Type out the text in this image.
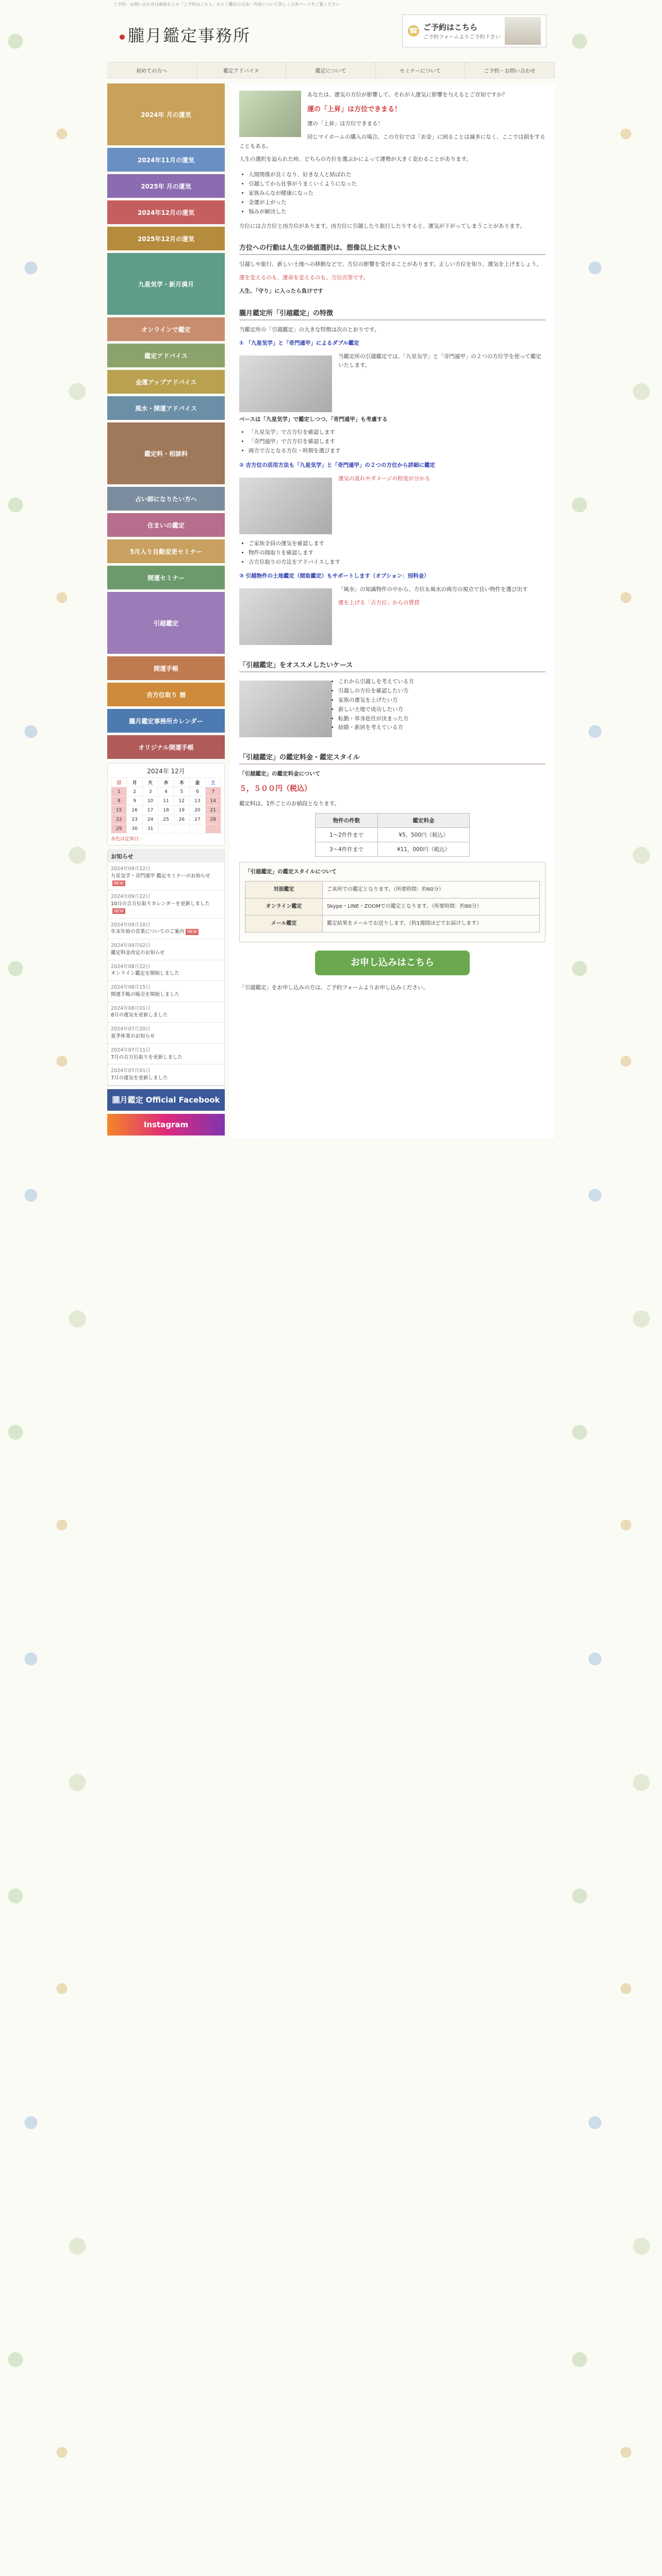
ご予約・お問い合わせは画面右上の「ご予約はこちら」から / 鑑定の方法・内容について詳しくは各ページをご覧ください
朧月鑑定事務所	☎ ご予約はこちら
ご予約フォームよりご予約下さい
初めての方へ	鑑定アドバイス	鑑定について	セミナーについて	ご予約・お問い合わせ
2024年 月の運気
2024年11月の運気
2025年 月の運気
2024年12月の運気
2025年12月の運気
九星気学・新月満月
オンラインで鑑定
鑑定アドバイス
金運アップアドバイス
風水・開運アドバイス
鑑定料・相談料
占い師になりたい方へ
住まいの鑑定
5月入り自動変更セミナー
開運セミナー
引越鑑定
開運手帳
吉方位取り 暦
朧月鑑定事務所カレンダー
オリジナル開運手帳
2024年 12月
日	月	火	水	木	金	土
1	2	3	4	5	6	7
8	9	10	11	12	13	14
15	16	17	18	19	20	21
22	23	24	25	26	27	28
29	30	31				
赤色は定休日
お知らせ
2024年09月22日
九星気学・奇門遁甲 鑑定セミナーのお知らせNEW
2024年09月22日
10月の吉方位取りカレンダーを更新しましたNEW
2024年09月10日
年末年始の営業についてのご案内 NEW
2024年09月02日
鑑定料金改定のお知らせ
2024年08月22日
オンライン鑑定を開始しました
2024年08月15日
開運手帳の販売を開始しました
2024年08月01日
8月の運気を更新しました
2024年07月20日
夏季休業のお知らせ
2024年07月11日
7月の吉方位取りを更新しました
2024年07月01日
7月の運気を更新しました
朧月鑑定 Official Facebook
Instagram

あなたは、運気の方位が影響して、それが人運気に影響を与えるとご存知ですか？

運の「上昇」は方位できまる！

運の「上昇」は方位できまる！

同じマイホームの購入の場合、この方位では「お金」に困ることは滅多になく、ここでは損をすることもある。

人生の選択を迫られた時、どちらの方位を選ぶかによって運勢が大きく変わることがあります。

• 人間関係が良くなり、好きな人と結ばれた
• 引越してから仕事がうまくいくようになった
• 家族みんなが健康になった
• 金運が上がった
• 悩みが解決した

方位には吉方位と凶方位があります。凶方位に引越したり旅行したりすると、運気が下がってしまうことがあります。

方位への行動は人生の価値選択は、想像以上に大きい

引越しや旅行、新しい土地への移動などで、方位の影響を受けることがあります。正しい方位を知り、運気を上げましょう。

運を変えるのも、運命を変えるのも、方位次第です。

人生、「守り」に入ったら負けです

朧月鑑定所「引越鑑定」の特徴

当鑑定所の「引越鑑定」の大きな特徴は次のとおりです。

① 「九星気学」と「奇門遁甲」によるダブル鑑定

当鑑定所の引越鑑定では、「九星気学」と「奇門遁甲」の２つの方位学を使って鑑定いたします。

ベースは「九星気学」で鑑定しつつ、「奇門遁甲」も考慮する

• 「九星気学」で吉方位を確認します
• 「奇門遁甲」で吉方位を確認します
• 両方で吉となる方位・時期を選びます

② 吉方位の活用方法も「九星気学」と「奇門遁甲」の２つの方位から詳細に鑑定

運気の流れやダメージの程度が分かる

• ご家族全員の運気を確認します
• 物件の間取りを確認します
• 吉方位取りの方法をアドバイスします

③ 引越物件の土地鑑定（間取鑑定）もサポートします（オプション：別料金）

「風水」の知識物件の中から、方位＆風水の両方の視点で良い物件を選び出す

運を上げる「吉方位」からの賃貸

「引越鑑定」をオススメしたいケース
• これから引越しを考えている方
• 引越しの方位を確認したい方
• 家族の運気を上げたい方
• 新しい土地で成功したい方
• 転勤・単身赴任が決まった方
• 結婚・新居を考えている方
「引越鑑定」の鑑定料金・鑑定スタイル

「引越鑑定」の鑑定料金について

５，５００円（税込）

鑑定料は、1件ごとのお値段となります。

物件の件数	鑑定料金
1〜2件件まで	¥5，500円（税込）
3〜4件件まで	¥11，000円（税込）

「引越鑑定」の鑑定スタイルについて

対面鑑定	ご来所での鑑定となります。（所要時間：約60分）
オンライン鑑定	Skype・LINE・ZOOMでの鑑定となります。（所要時間：約60分）
メール鑑定	鑑定結果をメールでお送りします。（約1週間ほどでお届けします）
お申し込みはこちら

「引越鑑定」をお申し込みの方は、ご予約フォームよりお申し込みください。
